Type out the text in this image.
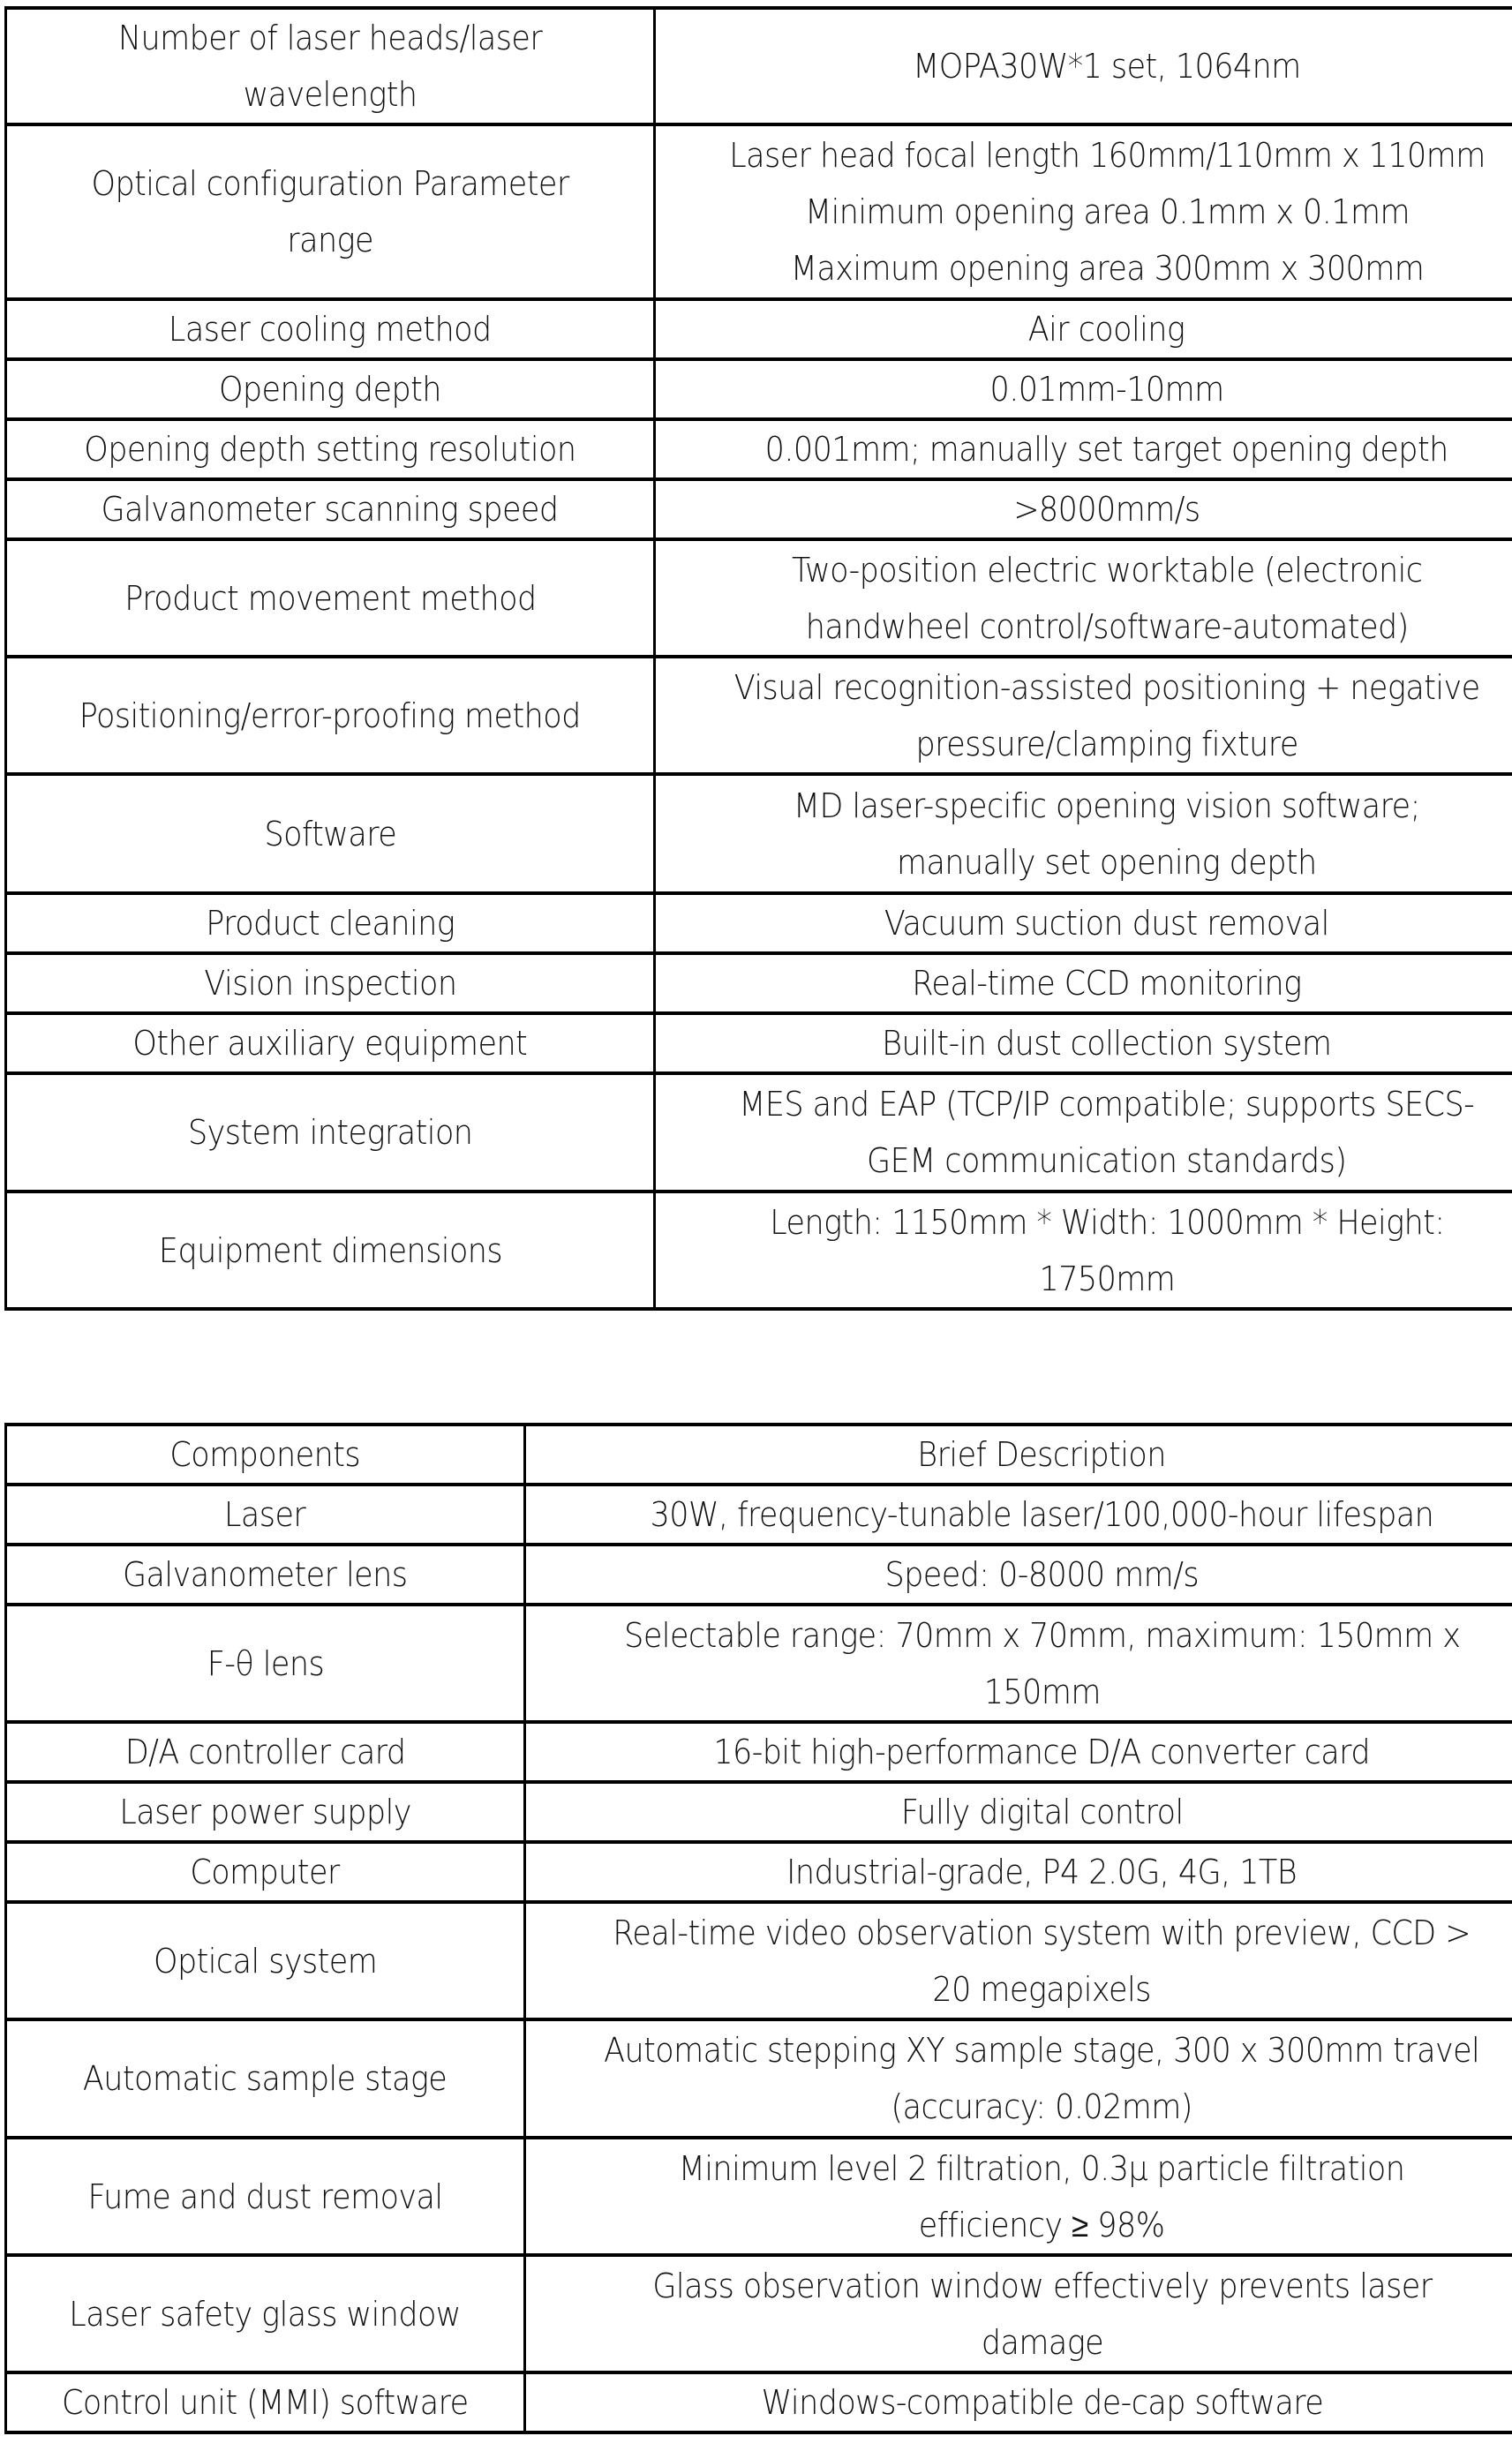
Number of laser heads/laser
wavelength	MOPA30W*1 set, 1064nm

Optical configuration Parameter
range	Laser head focal length 160mm/110mm x 110mm
Minimum opening area 0.1mm x 0.1mm
Maximum opening area 300mm x 300mm

Laser cooling method	Air cooling

Opening depth	0.01mm-10mm

Opening depth setting resolution	0.001mm; manually set target opening depth

Galvanometer scanning speed	>8000mm/s

Product movement method	Two-position electric worktable (electronic
handwheel control/software-automated)

Positioning/error-proofing method	Visual recognition-assisted positioning + negative
pressure/clamping fixture

Software	MD laser-specific opening vision software;
manually set opening depth

Product cleaning	Vacuum suction dust removal

Vision inspection	Real-time CCD monitoring

Other auxiliary equipment	Built-in dust collection system

System integration	MES and EAP (TCP/IP compatible; supports SECS-
GEM communication standards)

Equipment dimensions	Length: 1150mm * Width: 1000mm * Height:
1750mm
Components	Brief Description

Laser	30W, frequency-tunable laser/100,000-hour lifespan

Galvanometer lens	Speed: 0-8000 mm/s

F-θ lens	Selectable range: 70mm x 70mm, maximum: 150mm x
150mm

D/A controller card	16-bit high-performance D/A converter card

Laser power supply	Fully digital control

Computer	Industrial-grade, P4 2.0G, 4G, 1TB

Optical system	Real-time video observation system with preview, CCD >
20 megapixels

Automatic sample stage	Automatic stepping XY sample stage, 300 x 300mm travel
(accuracy: 0.02mm)

Fume and dust removal	Minimum level 2 filtration, 0.3μ particle filtration
efficiency ≥ 98%

Laser safety glass window	Glass observation window effectively prevents laser
damage

Control unit (MMI) software	Windows-compatible de-cap software
